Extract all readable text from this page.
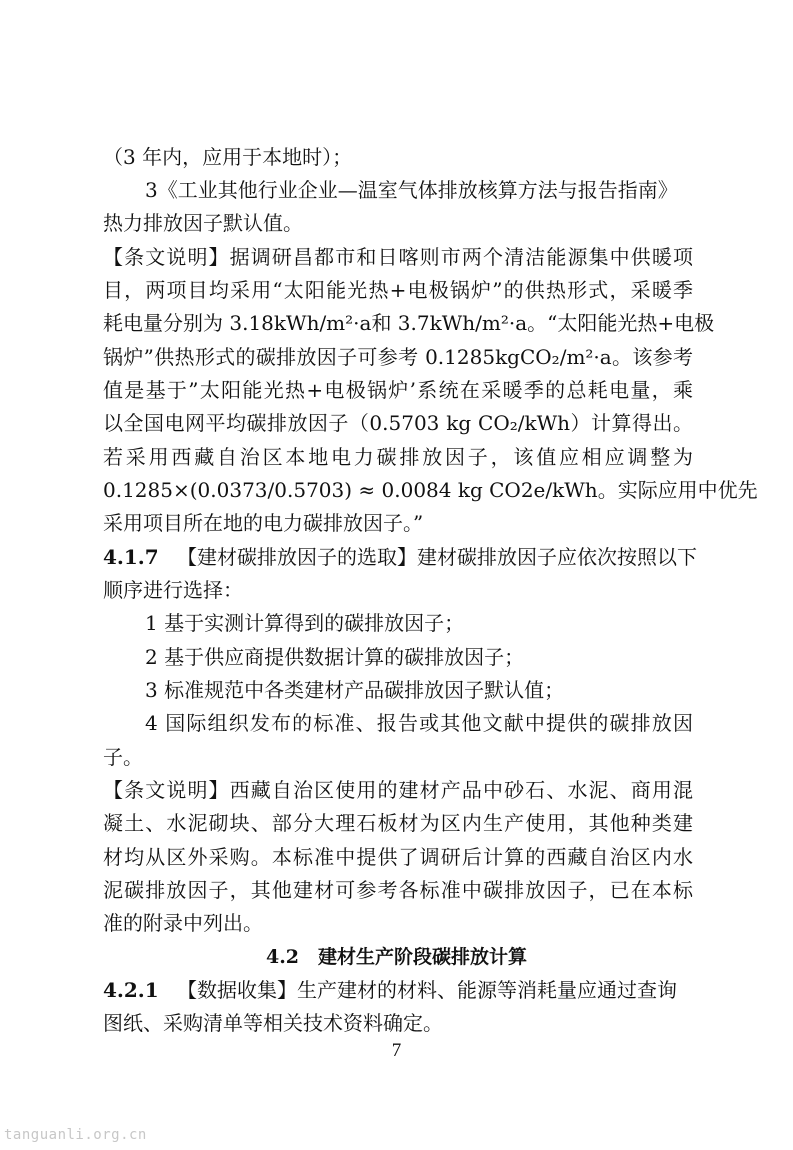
（3 年内，应用于本地时）；
3《工业其他行业企业—温室气体排放核算方法与报告指南》
热力排放因子默认值。
【条文说明】据调研昌都市和日喀则市两个清洁能源集中供暖项
目，两项目均采用“太阳能光热+电极锅炉”的供热形式，采暖季
耗电量分别为 3.18kWh/m²·a和 3.7kWh/m²·a。“太阳能光热+电极
锅炉”供热形式的碳排放因子可参考 0.1285kgCO₂/m²·a。该参考
值是基于”太阳能光热+电极锅炉’系统在采暖季的总耗电量，乘
以全国电网平均碳排放因子（0.5703 kg CO₂/kWh）计算得出。
若采用西藏自治区本地电力碳排放因子，该值应相应调整为
0.1285×(0.0373/0.5703) ≈ 0.0084 kg CO2e/kWh。实际应用中优先
采用项目所在地的电力碳排放因子。”
4.1.7 【建材碳排放因子的选取】建材碳排放因子应依次按照以下
顺序进行选择：
1 基于实测计算得到的碳排放因子；
2 基于供应商提供数据计算的碳排放因子；
3 标准规范中各类建材产品碳排放因子默认值；
4 国际组织发布的标准、报告或其他文献中提供的碳排放因
子。
【条文说明】西藏自治区使用的建材产品中砂石、水泥、商用混
凝土、水泥砌块、部分大理石板材为区内生产使用，其他种类建
材均从区外采购。本标准中提供了调研后计算的西藏自治区内水
泥碳排放因子，其他建材可参考各标准中碳排放因子，已在本标
准的附录中列出。
4.2　建材生产阶段碳排放计算
4.2.1 【数据收集】生产建材的材料、能源等消耗量应通过查询
图纸、采购清单等相关技术资料确定。
7
tanguanli.org.cn
